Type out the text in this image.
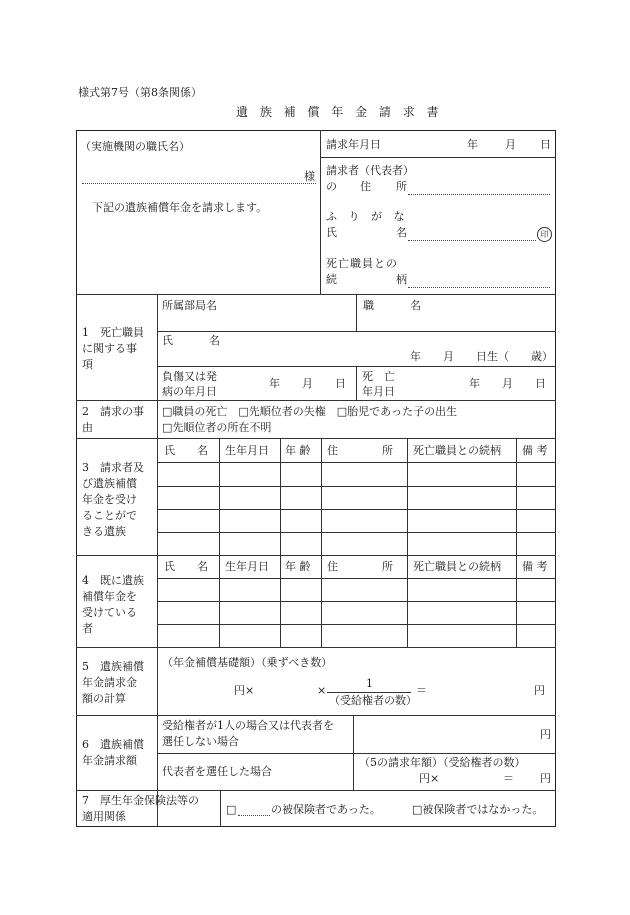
様式第7号（第8条関係）
遺 族 補 償 年 金 請 求 書
（実施機関の職氏名）
様
下記の遺族補償年金を請求します。
請求年月日	年 月 日
請求者（代表者）
の 住 所
ふ り が な
氏	名	印
死亡職員との
続	柄
1　死亡職員
に関する事
項
所属部局名	職	名
氏	名
年　　月　　日生（　　歳）
負傷又は発
病の年月日
年　　月　　日
死　亡
年月日
年　　月　　日
2　請求の事
由
□職員の死亡　□先順位者の失権　□胎児であった子の出生
□先順位者の所在不明
3　請求者及
び遺族補償
年金を受け
ることがで
きる遺族
氏　　名 生年月日 年 齢 住　　　　所 死亡職員との続柄 備 考
4　既に遺族
補償年金を
受けている
者
氏　　名 生年月日 年 齢 住　　　　所 死亡職員との続柄 備 考
5　遺族補償
年金請求金
額の計算
（年金補償基礎額）（乗ずべき数）
円×	×
1
（受給権者の数）
＝	円
6　遺族補償
年金請求額
受給権者が1人の場合又は代表者を
選任しない場合
円
代表者を選任した場合
（5の請求年額）（受給権者の数）
円×	＝ 円
7　厚生年金保険法等の
適用関係
□	の被保険者であった。	□被保険者ではなかった。
